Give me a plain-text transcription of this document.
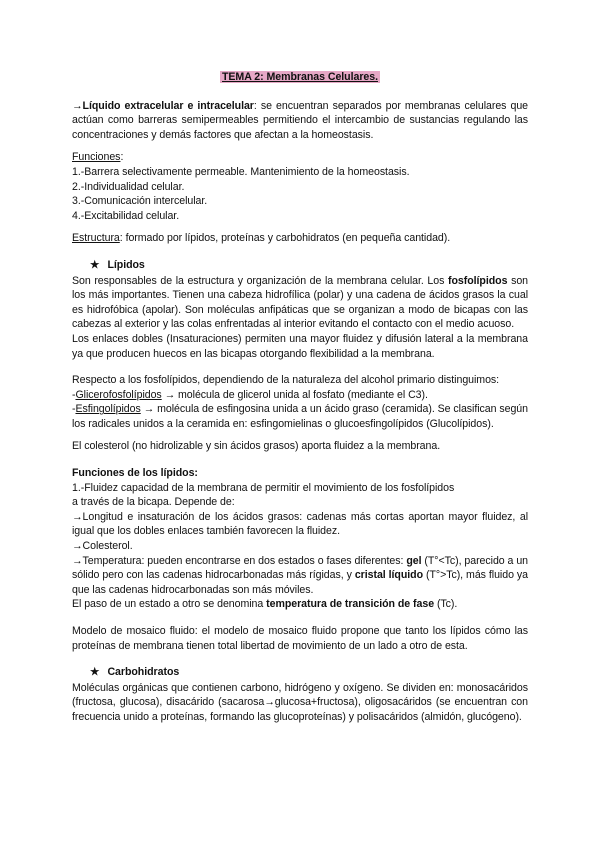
TEMA 2: Membranas Celulares.

→Líquido extracelular e intracelular: se encuentran separados por membranas celulares que actúan como barreras semipermeables permitiendo el intercambio de sustancias regulando las concentraciones y demás factores que afectan a la homeostasis.

Funciones:

1.-Barrera selectivamente permeable. Mantenimiento de la homeostasis.

2.-Individualidad celular.

3.-Comunicación intercelular.

4.-Excitabilidad celular.

Estructura: formado por lípidos, proteínas y carbohidratos (en pequeña cantidad).

★ Lípidos

Son responsables de la estructura y organización de la membrana celular. Los fosfolípidos son los más importantes. Tienen una cabeza hidrofílica (polar) y una cadena de ácidos grasos la cual es hidrofóbica (apolar). Son moléculas anfipáticas que se organizan a modo de bicapas con las cabezas al exterior y las colas enfrentadas al interior evitando el contacto con el medio acuoso.

Los enlaces dobles (Insaturaciones) permiten una mayor fluidez y difusión lateral a la membrana ya que producen huecos en las bicapas otorgando flexibilidad a la membrana.

Respecto a los fosfolípidos, dependiendo de la naturaleza del alcohol primario distinguimos:

-Glicerofosfolípidos → molécula de glicerol unida al fosfato (mediante el C3).

-Esfingolípidos → molécula de esfingosina unida a un ácido graso (ceramida). Se clasifican según los radicales unidos a la ceramida en: esfingomielinas o glucoesfingolípidos (Glucolípidos).

El colesterol (no hidrolizable y sin ácidos grasos) aporta fluidez a la membrana.

Funciones de los lípidos:

1.-Fluidez capacidad de la membrana de permitir el movimiento de los fosfolípidos

a través de la bicapa. Depende de:

→Longitud e insaturación de los ácidos grasos: cadenas más cortas aportan mayor fluidez, al igual que los dobles enlaces también favorecen la fluidez.

→Colesterol.

→Temperatura: pueden encontrarse en dos estados o fases diferentes: gel (T°<Tc), parecido a un sólido pero con las cadenas hidrocarbonadas más rígidas, y cristal líquido (T°>Tc), más fluido ya que las cadenas hidrocarbonadas son más móviles.

El paso de un estado a otro se denomina temperatura de transición de fase (Tc).

Modelo de mosaico fluido: el modelo de mosaico fluido propone que tanto los lípidos cómo las proteínas de membrana tienen total libertad de movimiento de un lado a otro de esta.

★ Carbohidratos

Moléculas orgánicas que contienen carbono, hidrógeno y oxígeno. Se dividen en: monosacáridos (fructosa, glucosa), disacárido (sacarosa→glucosa+fructosa), oligosacáridos (se encuentran con frecuencia unido a proteínas, formando las glucoproteínas) y polisacáridos (almidón, glucógeno).
